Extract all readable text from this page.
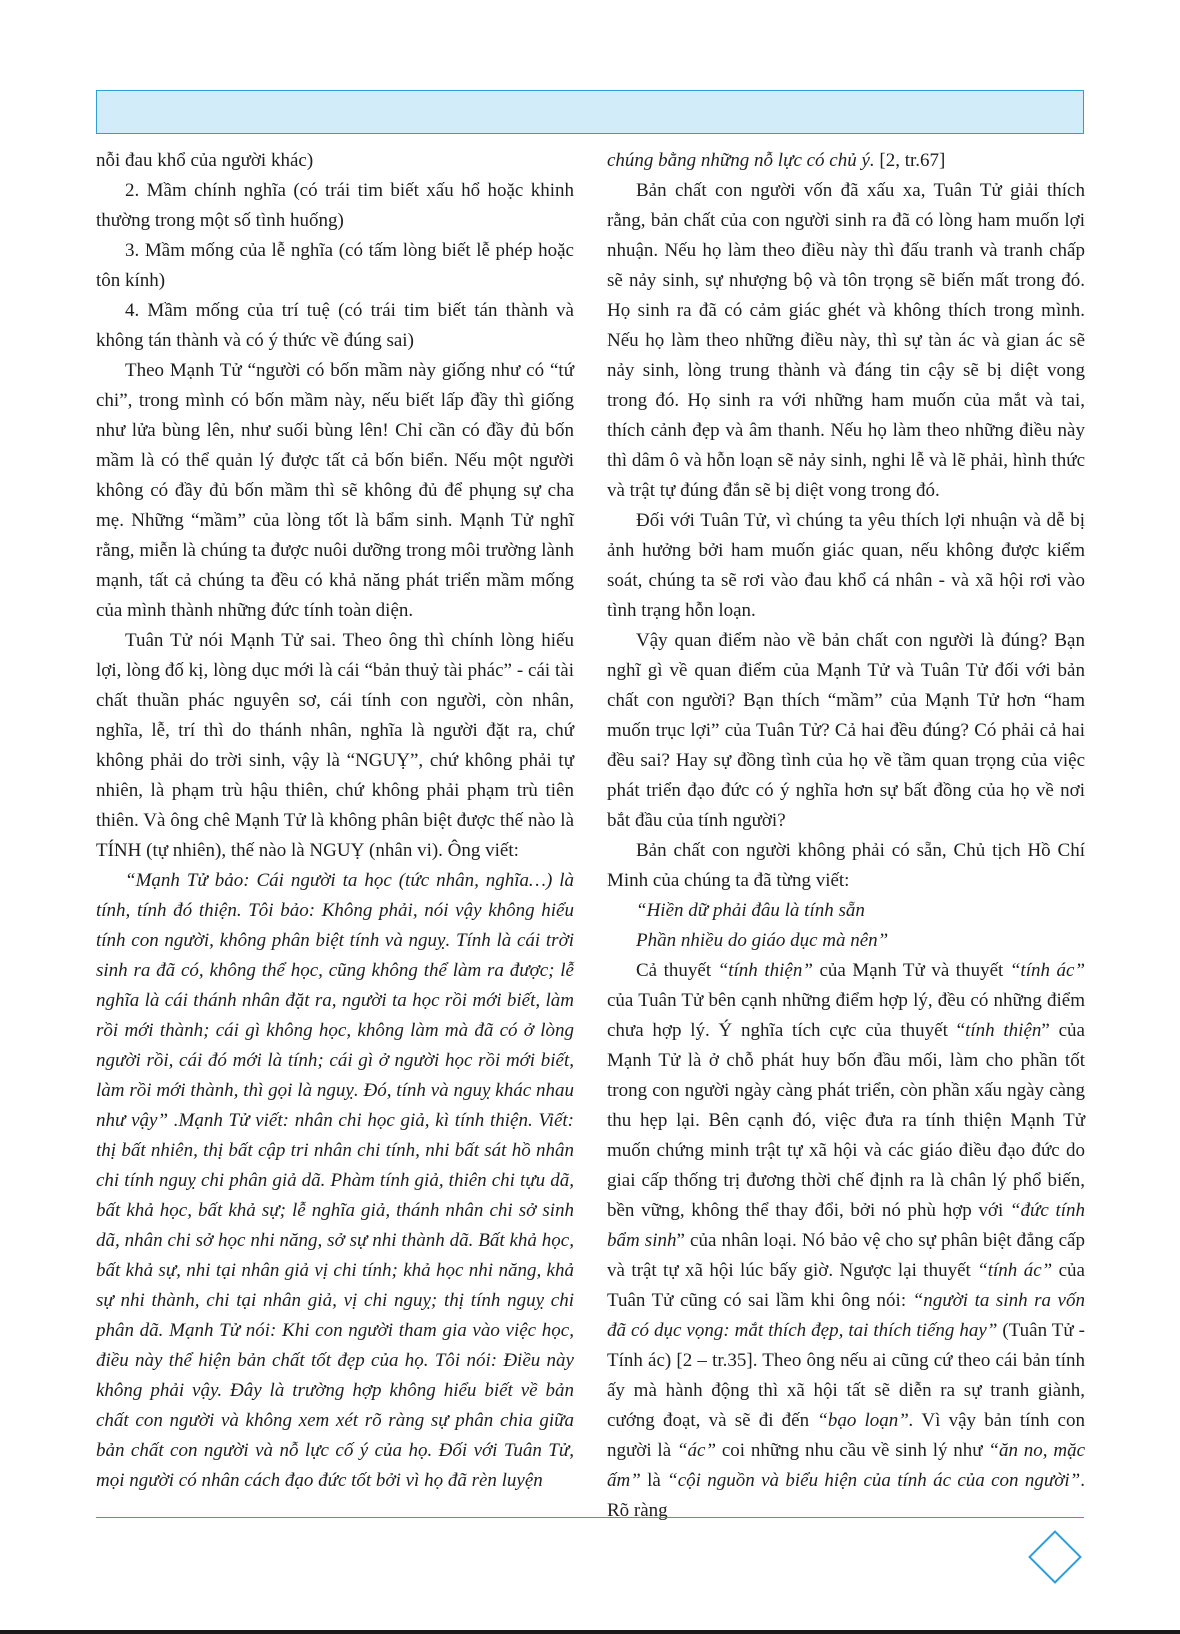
nỗi đau khổ của người khác)

2. Mầm chính nghĩa (có trái tim biết xấu hổ hoặc khinh thường trong một số tình huống)

3. Mầm mống của lễ nghĩa (có tấm lòng biết lễ phép hoặc tôn kính)

4. Mầm mống của trí tuệ (có trái tim biết tán thành và không tán thành và có ý thức về đúng sai)

Theo Mạnh Tử “người có bốn mầm này giống như có “tứ chi”, trong mình có bốn mầm này, nếu biết lấp đầy thì giống như lửa bùng lên, như suối bùng lên! Chỉ cần có đầy đủ bốn mầm là có thể quản lý được tất cả bốn biển. Nếu một người không có đầy đủ bốn mầm thì sẽ không đủ để phụng sự cha mẹ. Những “mầm” của lòng tốt là bẩm sinh. Mạnh Tử nghĩ rằng, miễn là chúng ta được nuôi dưỡng trong môi trường lành mạnh, tất cả chúng ta đều có khả năng phát triển mầm mống của mình thành những đức tính toàn diện.

Tuân Tử nói Mạnh Tử sai. Theo ông thì chính lòng hiếu lợi, lòng đố kị, lòng dục mới là cái “bản thuỷ tài phác” - cái tài chất thuần phác nguyên sơ, cái tính con người, còn nhân, nghĩa, lễ, trí thì do thánh nhân, nghĩa là người đặt ra, chứ không phải do trời sinh, vậy là “NGUỴ”, chứ không phải tự nhiên, là phạm trù hậu thiên, chứ không phải phạm trù tiên thiên. Và ông chê Mạnh Tử là không phân biệt được thế nào là TÍNH (tự nhiên), thế nào là NGUỴ (nhân vi). Ông viết:

“Mạnh Tử bảo: Cái người ta học (tức nhân, nghĩa…) là tính, tính đó thiện. Tôi bảo: Không phải, nói vậy không hiểu tính con người, không phân biệt tính và nguỵ. Tính là cái trời sinh ra đã có, không thể học, cũng không thể làm ra được; lễ nghĩa là cái thánh nhân đặt ra, người ta học rồi mới biết, làm rồi mới thành; cái gì không học, không làm mà đã có ở lòng người rồi, cái đó mới là tính; cái gì ở người học rồi mới biết, làm rồi mới thành, thì gọi là nguỵ. Đó, tính và nguỵ khác nhau như vậy” .Mạnh Tử viết: nhân chi học giả, kì tính thiện. Viết: thị bất nhiên, thị bất cập tri nhân chi tính, nhi bất sát hồ nhân chi tính nguỵ chi phân giả dã. Phàm tính giả, thiên chi tựu dã, bất khả học, bất khả sự; lễ nghĩa giả, thánh nhân chi sở sinh dã, nhân chi sở học nhi năng, sở sự nhi thành dã. Bất khả học, bất khả sự, nhi tại nhân giả vị chi tính; khả học nhi năng, khả sự nhi thành, chi tại nhân giả, vị chi nguỵ; thị tính nguỵ chi phân dã. Mạnh Tử nói: Khi con người tham gia vào việc học, điều này thể hiện bản chất tốt đẹp của họ. Tôi nói: Điều này không phải vậy. Đây là trường hợp không hiểu biết về bản chất con người và không xem xét rõ ràng sự phân chia giữa bản chất con người và nỗ lực cố ý của họ. Đối với Tuân Tử, mọi người có nhân cách đạo đức tốt bởi vì họ đã rèn luyện

chúng bằng những nỗ lực có chủ ý. [2, tr.67]

Bản chất con người vốn đã xấu xa, Tuân Tử giải thích rằng, bản chất của con người sinh ra đã có lòng ham muốn lợi nhuận. Nếu họ làm theo điều này thì đấu tranh và tranh chấp sẽ nảy sinh, sự nhượng bộ và tôn trọng sẽ biến mất trong đó. Họ sinh ra đã có cảm giác ghét và không thích trong mình. Nếu họ làm theo những điều này, thì sự tàn ác và gian ác sẽ nảy sinh, lòng trung thành và đáng tin cậy sẽ bị diệt vong trong đó. Họ sinh ra với những ham muốn của mắt và tai, thích cảnh đẹp và âm thanh. Nếu họ làm theo những điều này thì dâm ô và hỗn loạn sẽ nảy sinh, nghi lễ và lẽ phải, hình thức và trật tự đúng đắn sẽ bị diệt vong trong đó.

Đối với Tuân Tử, vì chúng ta yêu thích lợi nhuận và dễ bị ảnh hưởng bởi ham muốn giác quan, nếu không được kiểm soát, chúng ta sẽ rơi vào đau khổ cá nhân - và xã hội rơi vào tình trạng hỗn loạn.

Vậy quan điểm nào về bản chất con người là đúng? Bạn nghĩ gì về quan điểm của Mạnh Tử và Tuân Tử đối với bản chất con người? Bạn thích “mầm” của Mạnh Tử hơn “ham muốn trục lợi” của Tuân Tử? Cả hai đều đúng? Có phải cả hai đều sai? Hay sự đồng tình của họ về tầm quan trọng của việc phát triển đạo đức có ý nghĩa hơn sự bất đồng của họ về nơi bắt đầu của tính người?

Bản chất con người không phải có sẵn, Chủ tịch Hồ Chí Minh của chúng ta đã từng viết:

“Hiền dữ phải đâu là tính sẵn

Phần nhiều do giáo dục mà nên”

Cả thuyết “tính thiện” của Mạnh Tử và thuyết “tính ác” của Tuân Tử bên cạnh những điểm hợp lý, đều có những điểm chưa hợp lý. Ý nghĩa tích cực của thuyết “tính thiện” của Mạnh Tử là ở chỗ phát huy bốn đầu mối, làm cho phần tốt trong con người ngày càng phát triển, còn phần xấu ngày càng thu hẹp lại. Bên cạnh đó, việc đưa ra tính thiện Mạnh Tử muốn chứng minh trật tự xã hội và các giáo điều đạo đức do giai cấp thống trị đương thời chế định ra là chân lý phổ biến, bền vững, không thể thay đổi, bởi nó phù hợp với “đức tính bẩm sinh” của nhân loại. Nó bảo vệ cho sự phân biệt đẳng cấp và trật tự xã hội lúc bấy giờ. Ngược lại thuyết “tính ác” của Tuân Tử cũng có sai lầm khi ông nói: “người ta sinh ra vốn đã có dục vọng: mắt thích đẹp, tai thích tiếng hay” (Tuân Tử - Tính ác) [2 – tr.35]. Theo ông nếu ai cũng cứ theo cái bản tính ấy mà hành động thì xã hội tất sẽ diễn ra sự tranh giành, cướng đoạt, và sẽ đi đến “bạo loạn”. Vì vậy bản tính con người là “ác” coi những nhu cầu về sinh lý như “ăn no, mặc ấm” là “cội nguồn và biểu hiện của tính ác của con người”. Rõ ràng
